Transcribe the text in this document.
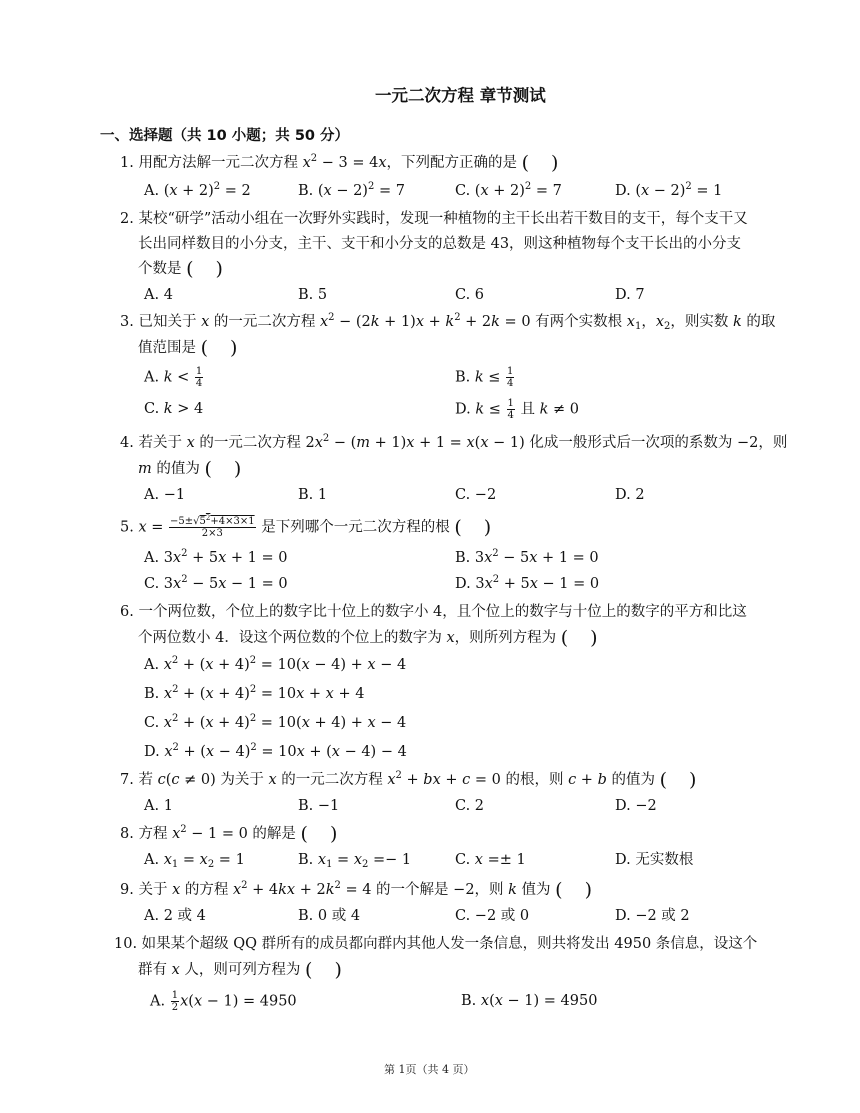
一元二次方程 章节测试
一、选择题（共 10 小题；共 50 分）
1. 用配方法解一元二次方程 $x^2 - 3 = 4x$，下列配方正确的是 ( )
A. $(x + 2)^2 = 2$	B. $(x - 2)^2 = 7$	C. $(x + 2)^2 = 7$	D. $(x - 2)^2 = 1$
2. 某校“研学”活动小组在一次野外实践时，发现一种植物的主干长出若干数目的支干，每个支干又
长出同样数目的小分支，主干、支干和小分支的总数是 43，则这种植物每个支干长出的小分支
个数是 ( )
A. 4	B. 5	C. 6	D. 7
3. 已知关于 x 的一元二次方程 $x^2 - (2k + 1)x + k^2 + 2k = 0$ 有两个实数根 $x_1$，$x_2$，则实数 k 的取
值范围是 ( )
A. $k < \frac{1}{4}$	B. $k \le \frac{1}{4}$
C. k > 4	D. $k \le \frac{1}{4}$ 且 k ≠ 0
4. 若关于 x 的一元二次方程 $2x^2 - (m + 1)x + 1 = x(x - 1)$ 化成一般形式后一次项的系数为 −2，则
m 的值为 ( )
A. −1	B. 1	C. −2	D. 2
5. $x = \frac{-5\pm√5^2+4\times 3\times 1}{2\times 3}$ 是下列哪个一元二次方程的根 ( )
A. $3x^2 + 5x + 1 = 0$	B. $3x^2 - 5x + 1 = 0$
C. $3x^2 - 5x - 1 = 0$	D. $3x^2 + 5x - 1 = 0$
6. 一个两位数，个位上的数字比十位上的数字小 4，且个位上的数字与十位上的数字的平方和比这
个两位数小 4．设这个两位数的个位上的数字为 x，则所列方程为 ( )
A. $x^2 + (x + 4)^2 = 10(x - 4) + x - 4$
B. $x^2 + (x + 4)^2 = 10x + x + 4$
C. $x^2 + (x + 4)^2 = 10(x + 4) + x - 4$
D. $x^2 + (x - 4)^2 = 10x + (x - 4) - 4$
7. 若 c(c ≠ 0) 为关于 x 的一元二次方程 $x^2$ + bx + c = 0 的根，则 c + b 的值为 ( )
A. 1	B. −1	C. 2	D. −2
8. 方程 $x^2 - 1 = 0$ 的解是 ( )
A. $x_1 = x_2 = 1$	B. $x_1 = x_2 =- 1$	C. x =± 1	D. 无实数根
9. 关于 x 的方程 $x^2 + 4kx + 2k^2 = 4$ 的一个解是 −2，则 k 值为 ( )
A. 2 或 4	B. 0 或 4	C. −2 或 0	D. −2 或 2
10. 如果某个超级 QQ 群所有的成员都向群内其他人发一条信息，则共将发出 4950 条信息，设这个
群有 x 人，则可列方程为 ( )
A. $\frac{1}{2} x(x - 1) = 4950$	B. x(x − 1) = 4950
第 1页（共 4 页）
